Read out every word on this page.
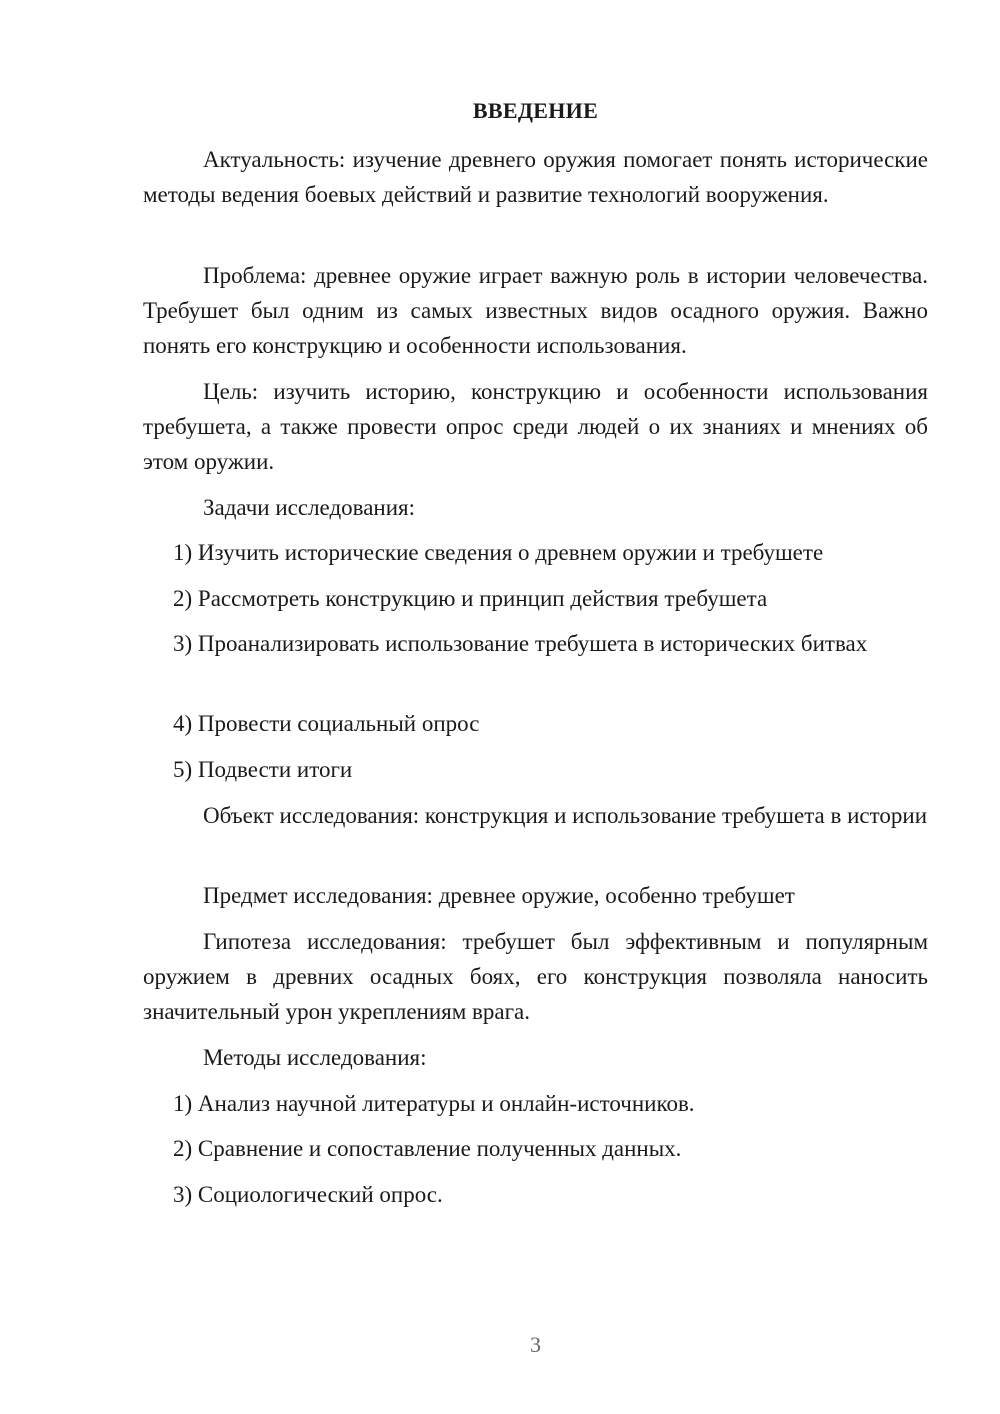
ВВЕДЕНИЕ

Актуальность: изучение древнего оружия помогает понять исторические методы ведения боевых действий и развитие технологий вооружения.

Проблема: древнее оружие играет важную роль в истории человечества. Требушет был одним из самых известных видов осадного оружия. Важно понять его конструкцию и особенности использования.

Цель: изучить историю, конструкцию и особенности использования требушета, а также провести опрос среди людей о их знаниях и мнениях об этом оружии.

Задачи исследования:

1) Изучить исторические сведения о древнем оружии и требушете

2) Рассмотреть конструкцию и принцип действия требушета

3) Проанализировать использование требушета в исторических битвах

4) Провести социальный опрос

5) Подвести итоги

Объект исследования: конструкция и использование требушета в истории

Предмет исследования: древнее оружие, особенно требушет

Гипотеза исследования: требушет был эффективным и популярным оружием в древних осадных боях, его конструкция позволяла наносить значительный урон укреплениям врага.

Методы исследования:

1) Анализ научной литературы и онлайн-источников.

2) Сравнение и сопоставление полученных данных.

3) Социологический опрос.

3
